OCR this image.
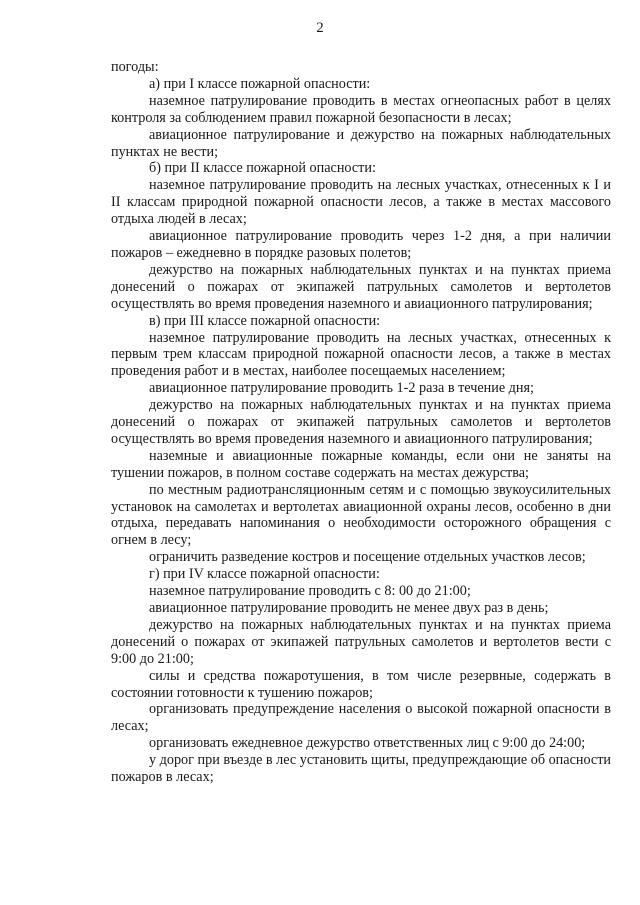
2

погоды:

а) при I классе пожарной опасности:

наземное патрулирование проводить в местах огнеопасных работ в целях контроля за соблюдением правил пожарной безопасности в лесах;

авиационное патрулирование и дежурство на пожарных наблюдательных пунктах не вести;

б) при II классе пожарной опасности:

наземное патрулирование проводить на лесных участках, отнесенных к I и II классам природной пожарной опасности лесов, а также в местах массового отдыха людей в лесах;

авиационное патрулирование проводить через 1-2 дня, а при наличии пожаров – ежедневно в порядке разовых полетов;

дежурство на пожарных наблюдательных пунктах и на пунктах приема донесений о пожарах от экипажей патрульных самолетов и вертолетов осуществлять во время проведения наземного и авиационного патрулирования;

в) при III классе пожарной опасности:

наземное патрулирование проводить на лесных участках, отнесенных к первым трем классам природной пожарной опасности лесов, а также в местах проведения работ и в местах, наиболее посещаемых населением;

авиационное патрулирование проводить 1-2 раза в течение дня;

дежурство на пожарных наблюдательных пунктах и на пунктах приема донесений о пожарах от экипажей патрульных самолетов и вертолетов осуществлять во время проведения наземного и авиационного патрулирования;

наземные и авиационные пожарные команды, если они не заняты на тушении пожаров, в полном составе содержать на местах дежурства;

по местным радиотрансляционным сетям и с помощью звукоусилительных установок на самолетах и вертолетах авиационной охраны лесов, особенно в дни отдыха, передавать напоминания о необходимости осторожного обращения с огнем в лесу;

ограничить разведение костров и посещение отдельных участков лесов;

г) при IV классе пожарной опасности:

наземное патрулирование проводить с 8: 00 до 21:00;

авиационное патрулирование проводить не менее двух раз в день;

дежурство на пожарных наблюдательных пунктах и на пунктах приема донесений о пожарах от экипажей патрульных самолетов и вертолетов вести с 9:00 до 21:00;

силы и средства пожаротушения, в том числе резервные, содержать в состоянии готовности к тушению пожаров;

организовать предупреждение населения о высокой пожарной опасности в лесах;

организовать ежедневное дежурство ответственных лиц с 9:00 до 24:00;

у дорог при въезде в лес установить щиты, предупреждающие об опасности пожаров в лесах;
